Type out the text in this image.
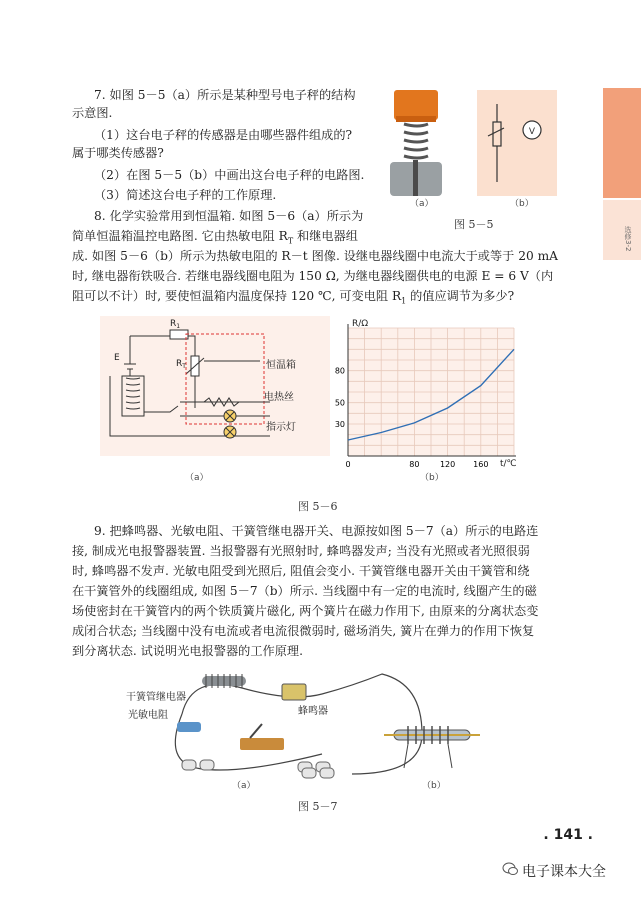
选修3-2
7. 如图 5－5（a）所示是某种型号电子秤的结构
示意图.
（1）这台电子秤的传感器是由哪些器件组成的?
属于哪类传感器?
（2）在图 5－5（b）中画出这台电子秤的电路图.
（3）简述这台电子秤的工作原理.
V
（a）	（b）
图 5－5
8. 化学实验常用到恒温箱. 如图 5－6（a）所示为
简单恒温箱温控电路图. 它由热敏电阻 $R_T$ 和继电器组
成. 如图 5－6（b）所示为热敏电阻的 R－t 图像. 设继电器线圈中电流大于或等于 20 mA
时, 继电器衔铁吸合. 若继电器线圈电阻为 150 Ω, 为继电器线圈供电的电源 E = 6 V（内
阻可以不计）时, 要使恒温箱内温度保持 120 ℃, 可变电阻 $R_1$ 的值应调节为多少?
$R_1$
$R_T$
E
恒温箱
电热丝
指示灯
（a）
0	80	120 160
30
50
80
R/Ω
t/℃
（b）
图 5－6
9. 把蜂鸣器、光敏电阻、干簧管继电器开关、电源按如图 5－7（a）所示的电路连
接, 制成光电报警器装置. 当报警器有光照射时, 蜂鸣器发声; 当没有光照或者光照很弱
时, 蜂鸣器不发声. 光敏电阻受到光照后, 阻值会变小. 干簧管继电器开关由干簧管和绕
在干簧管外的线圈组成, 如图 5－7（b）所示. 当线圈中有一定的电流时, 线圈产生的磁
场使密封在干簧管内的两个铁质簧片磁化, 两个簧片在磁力作用下, 由原来的分离状态变
成闭合状态; 当线圈中没有电流或者电流很微弱时, 磁场消失, 簧片在弹力的作用下恢复
到分离状态. 试说明光电报警器的工作原理.
干簧管继电器
光敏电阻	蜂鸣器
（a）	（b）
图 5－7
. 141 .
电子课本大全
